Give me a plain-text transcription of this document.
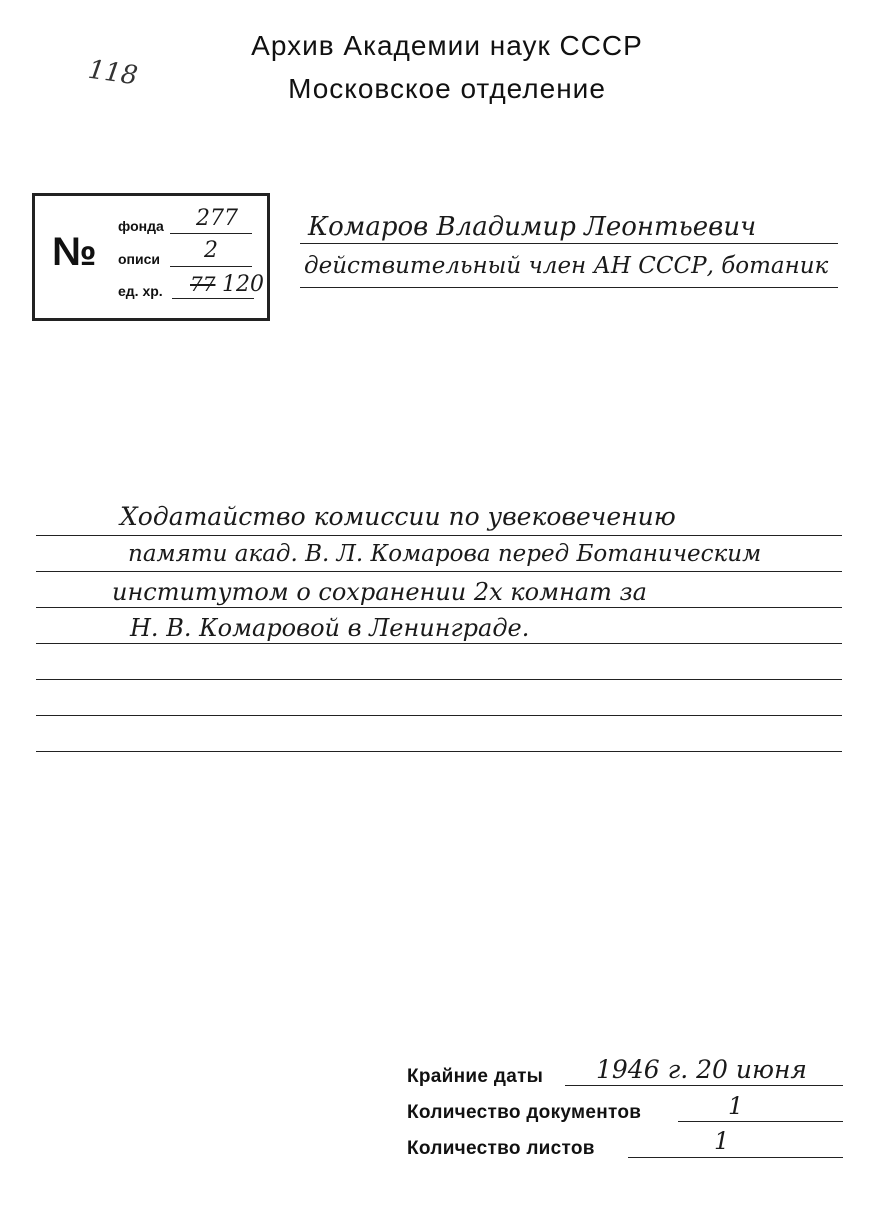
Архив Академии наук СССР
Московское отделение
118
№
фонда 277
описи 2
ед. хр. 77 120
Комаров Владимир Леонтьевич
действительный член АН СССР, ботаник
Ходатайство комиссии по увековечению
памяти акад. В. Л. Комарова перед Ботаническим
институтом о сохранении 2х комнат за
Н. В. Комаровой в Ленинграде.
Крайние даты 1946 г. 20 июня
Количество документов	1
Количество листов	1
